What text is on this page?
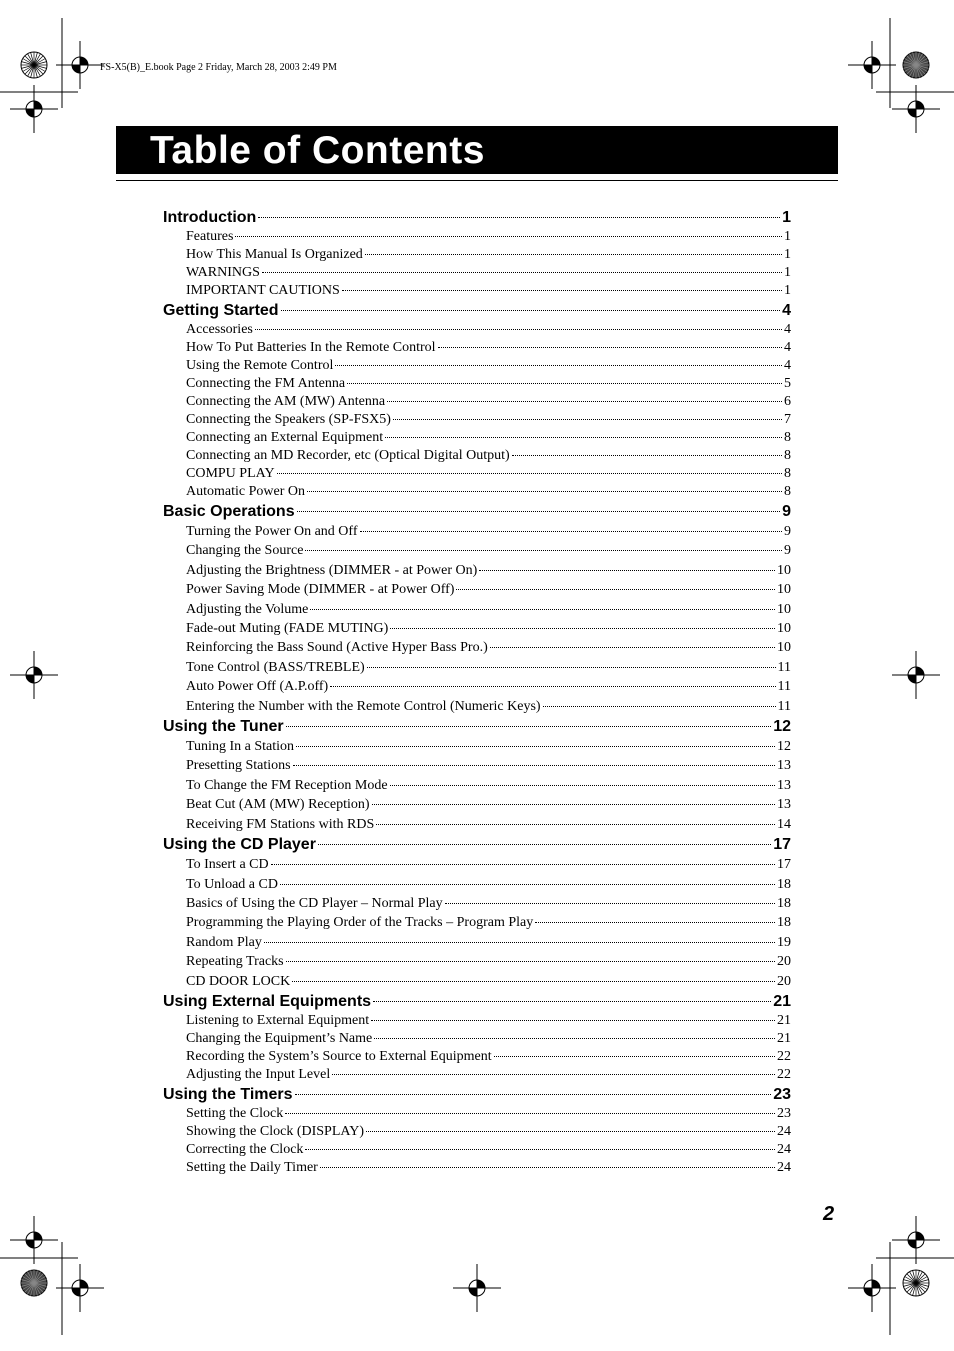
FS-X5(B)_E.book Page 2 Friday, March 28, 2003 2:49 PM
Table of Contents
Introduction	1
Features	1
How This Manual Is Organized	1
WARNINGS	1
IMPORTANT CAUTIONS	1
Getting Started	4
Accessories	4
How To Put Batteries In the Remote Control	4
Using the Remote Control	4
Connecting the FM Antenna	5
Connecting the AM (MW) Antenna	6
Connecting the Speakers (SP-FSX5)	7
Connecting an External Equipment	8
Connecting an MD Recorder, etc (Optical Digital Output)	8
COMPU PLAY	8
Automatic Power On	8
Basic Operations	9
Turning the Power On and Off	9
Changing the Source	9
Adjusting the Brightness (DIMMER - at Power On)	10
Power Saving Mode (DIMMER - at Power Off)	10
Adjusting the Volume	10
Fade-out Muting (FADE MUTING)	10
Reinforcing the Bass Sound (Active Hyper Bass Pro.)	10
Tone Control (BASS/TREBLE)	11
Auto Power Off (A.P.off)	11
Entering the Number with the Remote Control (Numeric Keys)	11
Using the Tuner	12
Tuning In a Station	12
Presetting Stations	13
To Change the FM Reception Mode	13
Beat Cut (AM (MW) Reception)	13
Receiving FM Stations with RDS	14
Using the CD Player	17
To Insert a CD	17
To Unload a CD	18
Basics of Using the CD Player – Normal Play	18
Programming the Playing Order of the Tracks – Program Play	18
Random Play	19
Repeating Tracks	20
CD DOOR LOCK	20
Using External Equipments	21
Listening to External Equipment	21
Changing the Equipment’s Name	21
Recording the System’s Source to External Equipment	22
Adjusting the Input Level	22
Using the Timers	23
Setting the Clock	23
Showing the Clock (DISPLAY)	24
Correcting the Clock	24
Setting the Daily Timer	24
2
